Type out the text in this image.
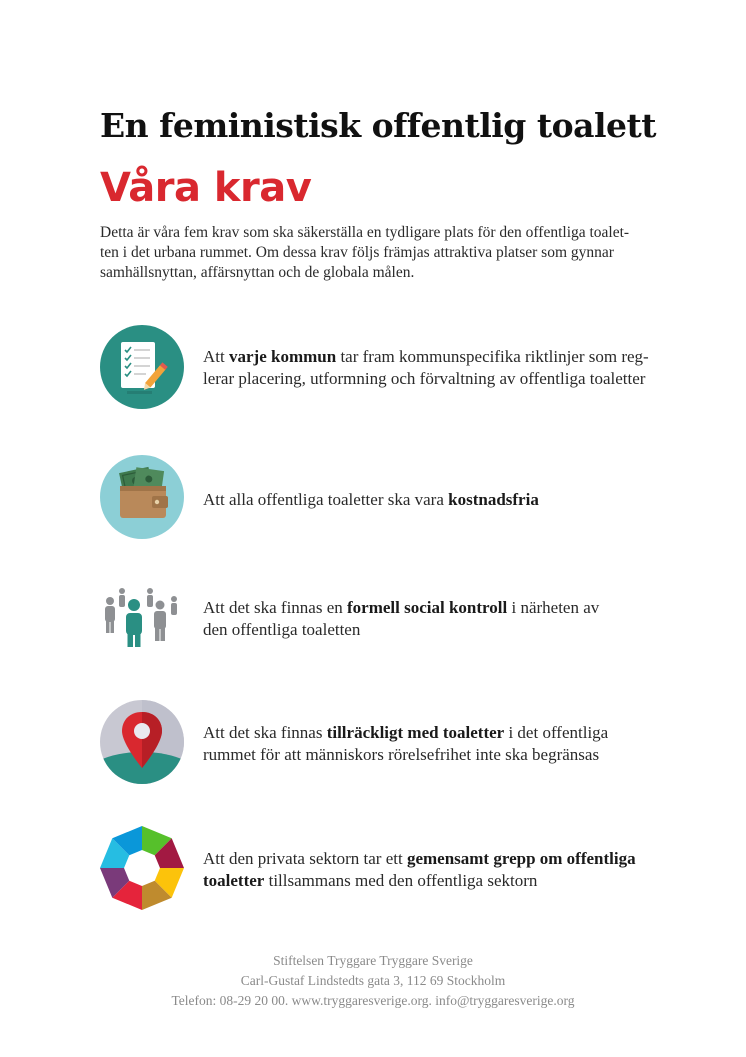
En feministisk offentlig toalett
Våra krav
Detta är våra fem krav som ska säkerställa en tydligare plats för den offentliga toalet-
ten i det urbana rummet. Om dessa krav följs främjas attraktiva platser som gynnar
samhällsnyttan, affärsnyttan och de globala målen.
Att varje kommun tar fram kommunspecifika riktlinjer som reg-
lerar placering, utformning och förvaltning av offentliga toaletter
Att alla offentliga toaletter ska vara kostnadsfria
Att det ska finnas en formell social kontroll i närheten av
den offentliga toaletten
Att det ska finnas tillräckligt med toaletter i det offentliga
rummet för att människors rörelsefrihet inte ska begränsas
Att den privata sektorn tar ett gemensamt grepp om offentliga
toaletter tillsammans med den offentliga sektorn
Stiftelsen Tryggare Tryggare Sverige
Carl-Gustaf Lindstedts gata 3, 112 69 Stockholm
Telefon: 08-29 20 00. www.tryggaresverige.org. info@tryggaresverige.org
